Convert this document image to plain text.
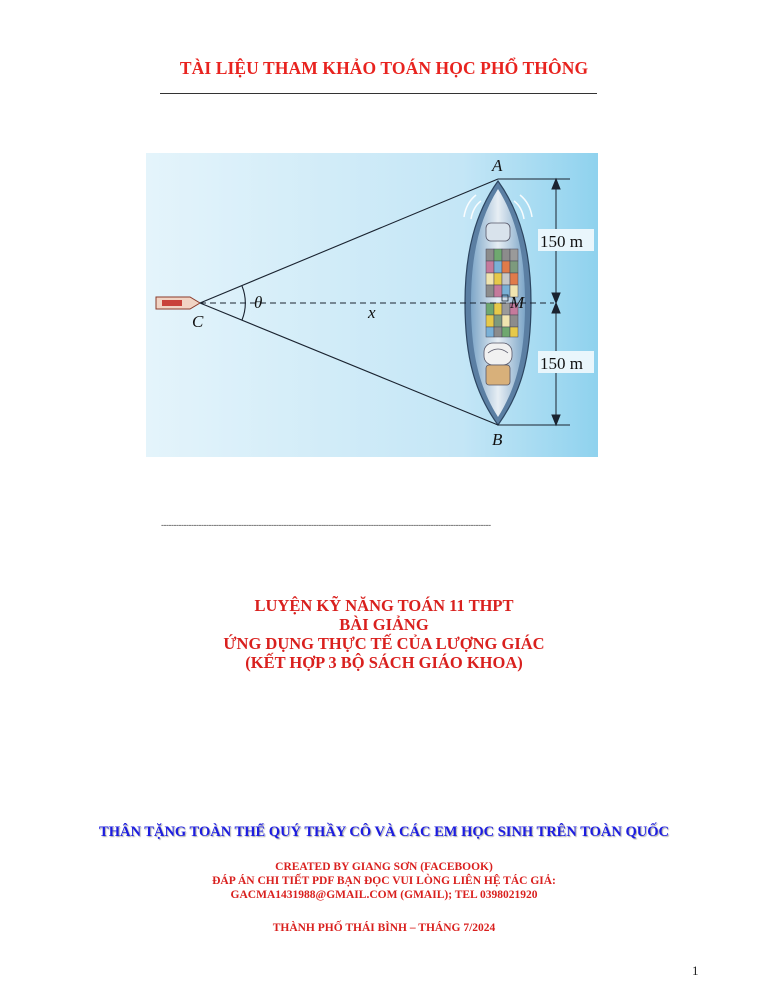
TÀI LIỆU THAM KHẢO TOÁN HỌC PHỔ THÔNG
A
B
C
M
θ
x
150 m
150 m
------------------------------------------------------------------------------------------------------------------------------------
LUYỆN KỸ NĂNG TOÁN 11 THPT
BÀI GIẢNG
ỨNG DỤNG THỰC TẾ CỦA LƯỢNG GIÁC
(KẾT HỢP 3 BỘ SÁCH GIÁO KHOA)
THÂN TẶNG TOÀN THỂ QUÝ THẦY CÔ VÀ CÁC EM HỌC SINH TRÊN TOÀN QUỐC
CREATED BY GIANG SƠN (FACEBOOK)
ĐÁP ÁN CHI TIẾT PDF BẠN ĐỌC VUI LÒNG LIÊN HỆ TÁC GIẢ:
GACMA1431988@GMAIL.COM (GMAIL); TEL 0398021920
THÀNH PHỐ THÁI BÌNH – THÁNG 7/2024
1
